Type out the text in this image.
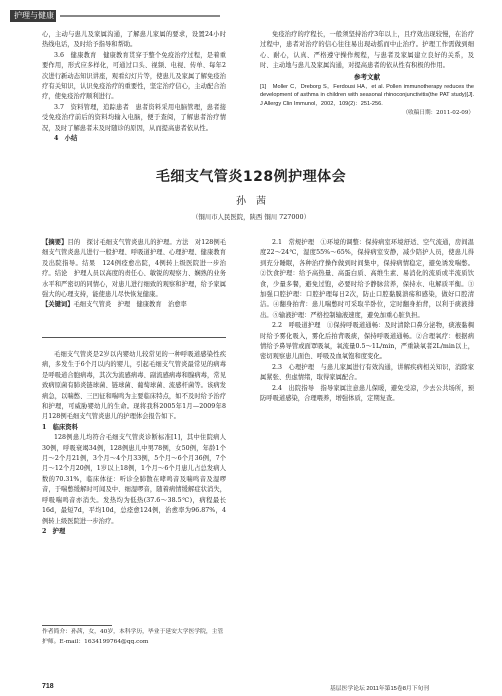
护理与健康

心，主动与患儿及家属沟通，了解患儿家属的要求，设置24小时热线电话，及时给予指导和帮助。

3.6　健康教育　健康教育贯穿于整个免疫治疗过程，是着重要作用，形式应多样化，可通过口头、视频、电视、传单、每年2次进行新动态知识讲座，观看幻灯片等，使患儿及家属了解免疫治疗有关知识，认识免疫治疗的重要性，坚定治疗信心，主动配合治疗，使免疫治疗顺利进行。

3.7　资料管理，追踪患者　患者资料采用电脑管理，患者接受免疫治疗前后的资料均输入电脑，便于查阅，了解患者治疗情况，及时了解患者未及时随诊的原因，从而提高患者依从性。

4　小结

免疫治疗的疗程长，一般须坚持治疗3年以上，且疗效出现较慢，在治疗过程中，患者对治疗的信心往往易出现动摇而中止治疗。护理工作需做到细心、耐心，认真、严格遵守操作规程，与患者及家属建立良好的关系，及时、主动地与患儿及家属沟通，对提高患者的依从性有积极的作用。

参考文献
[1]　Moller C，Dreborg S，Ferdousi HA，et al. Pollen immunotherapy reduces the development of asthma in children with seasonal rhinoconjunctivitis(the PAT study)[J]. J Allergy Clin Immunol，2002，109(2)：251-256.
（收稿日期：2011-02-09）
毛细支气管炎128例护理体会
孙　茜
（铜川市人民医院，陕西 铜川 727000）

【摘要】目的　探讨毛细支气管炎患儿的护理。方法　对128例毛细支气管炎患儿进行一般护理、呼吸道护理、心理护理、健康教育及出院指导。结果　124例痊愈出院，4例转上级医院进一步治疗。结论　护理人员以高度的责任心、敏锐的观察力、娴熟的业务水平和严密切的同情心，对患儿进行细致的观察和护理，给予家属强大的心理支持，能使患儿尽快恢复健康。

【关键词】毛细支气管炎　护理　健康教育　治愈率

毛细支气管炎是2岁以内婴幼儿较常见的一种呼吸道感染性疾病，多发生于6个月以内的婴儿，引起毛细支气管炎最常见的病毒是呼吸道合胞病毒，其次为流感病毒、副流感病毒和腺病毒，常见致病原菌有肺炎链球菌、链球菌、葡萄球菌、流感杆菌等。该病发病急，以喘憋、三凹征和喘鸣为主要临床特点，如不及时给予治疗和护理，可威胁婴幼儿的生命。现将我科2005年1月—2009年8月128例毛细支气管炎患儿的护理体会报告如下。

1　临床资料

128例患儿均符合毛细支气管炎诊断标准[1]，其中住院病人30例，呼吸衰竭34例，128例患儿中男78例，女50例，年龄1个月～2个月21例，3个月～4个月33例，5个月～6个月36例，7个月～12个月20例，1岁以上18例，1个月～6个月患儿占总发病人数的70.31%，临床体征：听诊全肺散在哮鸣音及喘鸣音及湿啰音，于喘憋缓解时可闻及中、细湿啰音，随着病情缓解症状消失，呼吸喘鸣音亦消失。发热均为低热(37.6～38.5℃)，病程最长16d，最短7d，平均10d，总痊愈124例，治愈率为96.87%，4例转上级医院进一步治疗。

2　护理

2.1　常规护理　①环境的调整：保持病室环境舒适、空气流通，房间温度22～24℃，湿度55%～65%，保持病室安静，减少陪护人员，使患儿得到充分睡眠，各种治疗操作做到时间集中，保持病情稳定，避免诱发喘憋。②饮食护理：给予高热量、高蛋白质、高维生素、易消化的流质或半流质饮食，少量多餐，避免过饱，必要时给予静脉营养，保持水、电解质平衡。③加强口腔护理：口腔护理每日2次，防止口腔黏膜溃疡和感染，做好口腔清洁。④翻身拍背：患儿喘憋时可采取半卧位，定时翻身拍背，以利于痰液排出。⑤输液护理：严格控制输液速度，避免加重心脏负担。

2.2　呼吸道护理　①保持呼吸道通畅：及时清除口鼻分泌物，痰液黏稠时给予雾化吸入，雾化后拍背吸痰，保持呼吸道通畅。②合理氧疗：根据病情给予鼻导管或面罩吸氧，氧流量0.5～1L/min，严重缺氧者2L/min以上，密切观察患儿面色、呼吸及血氧饱和度变化。

2.3　心理护理　与患儿家属进行有效沟通，讲解疾病相关知识，消除家属紧张、焦虑情绪，取得家属配合。

2.4　出院指导　指导家属注意患儿保暖，避免受凉，少去公共场所，预防呼吸道感染，合理喂养，增强体质，定期复查。

作者简介：孙茜，女，40岁，本科学历，毕业于延安大学医学院，主管护师。E-mail：1634199764@qq.com
718	基层医学论坛 2011年第15卷8月下旬刊
